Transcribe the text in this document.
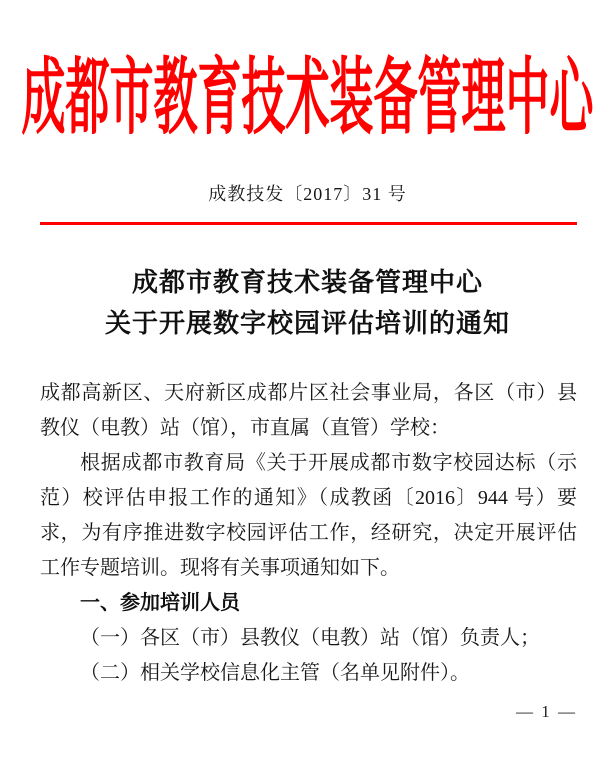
成都市教育技术装备管理中心
成教技发〔2017〕31 号
成都市教育技术装备管理中心
关于开展数字校园评估培训的通知

成都高新区、天府新区成都片区社会事业局，各区（市）县教仪（电教）站（馆），市直属（直管）学校：

根据成都市教育局《关于开展成都市数字校园达标（示范）校评估申报工作的通知》（成教函〔2016〕944 号）要求，为有序推进数字校园评估工作，经研究，决定开展评估工作专题培训。现将有关事项通知如下。

一、参加培训人员

（一）各区（市）县教仪（电教）站（馆）负责人；

（二）相关学校信息化主管（名单见附件）。

— 1 —
